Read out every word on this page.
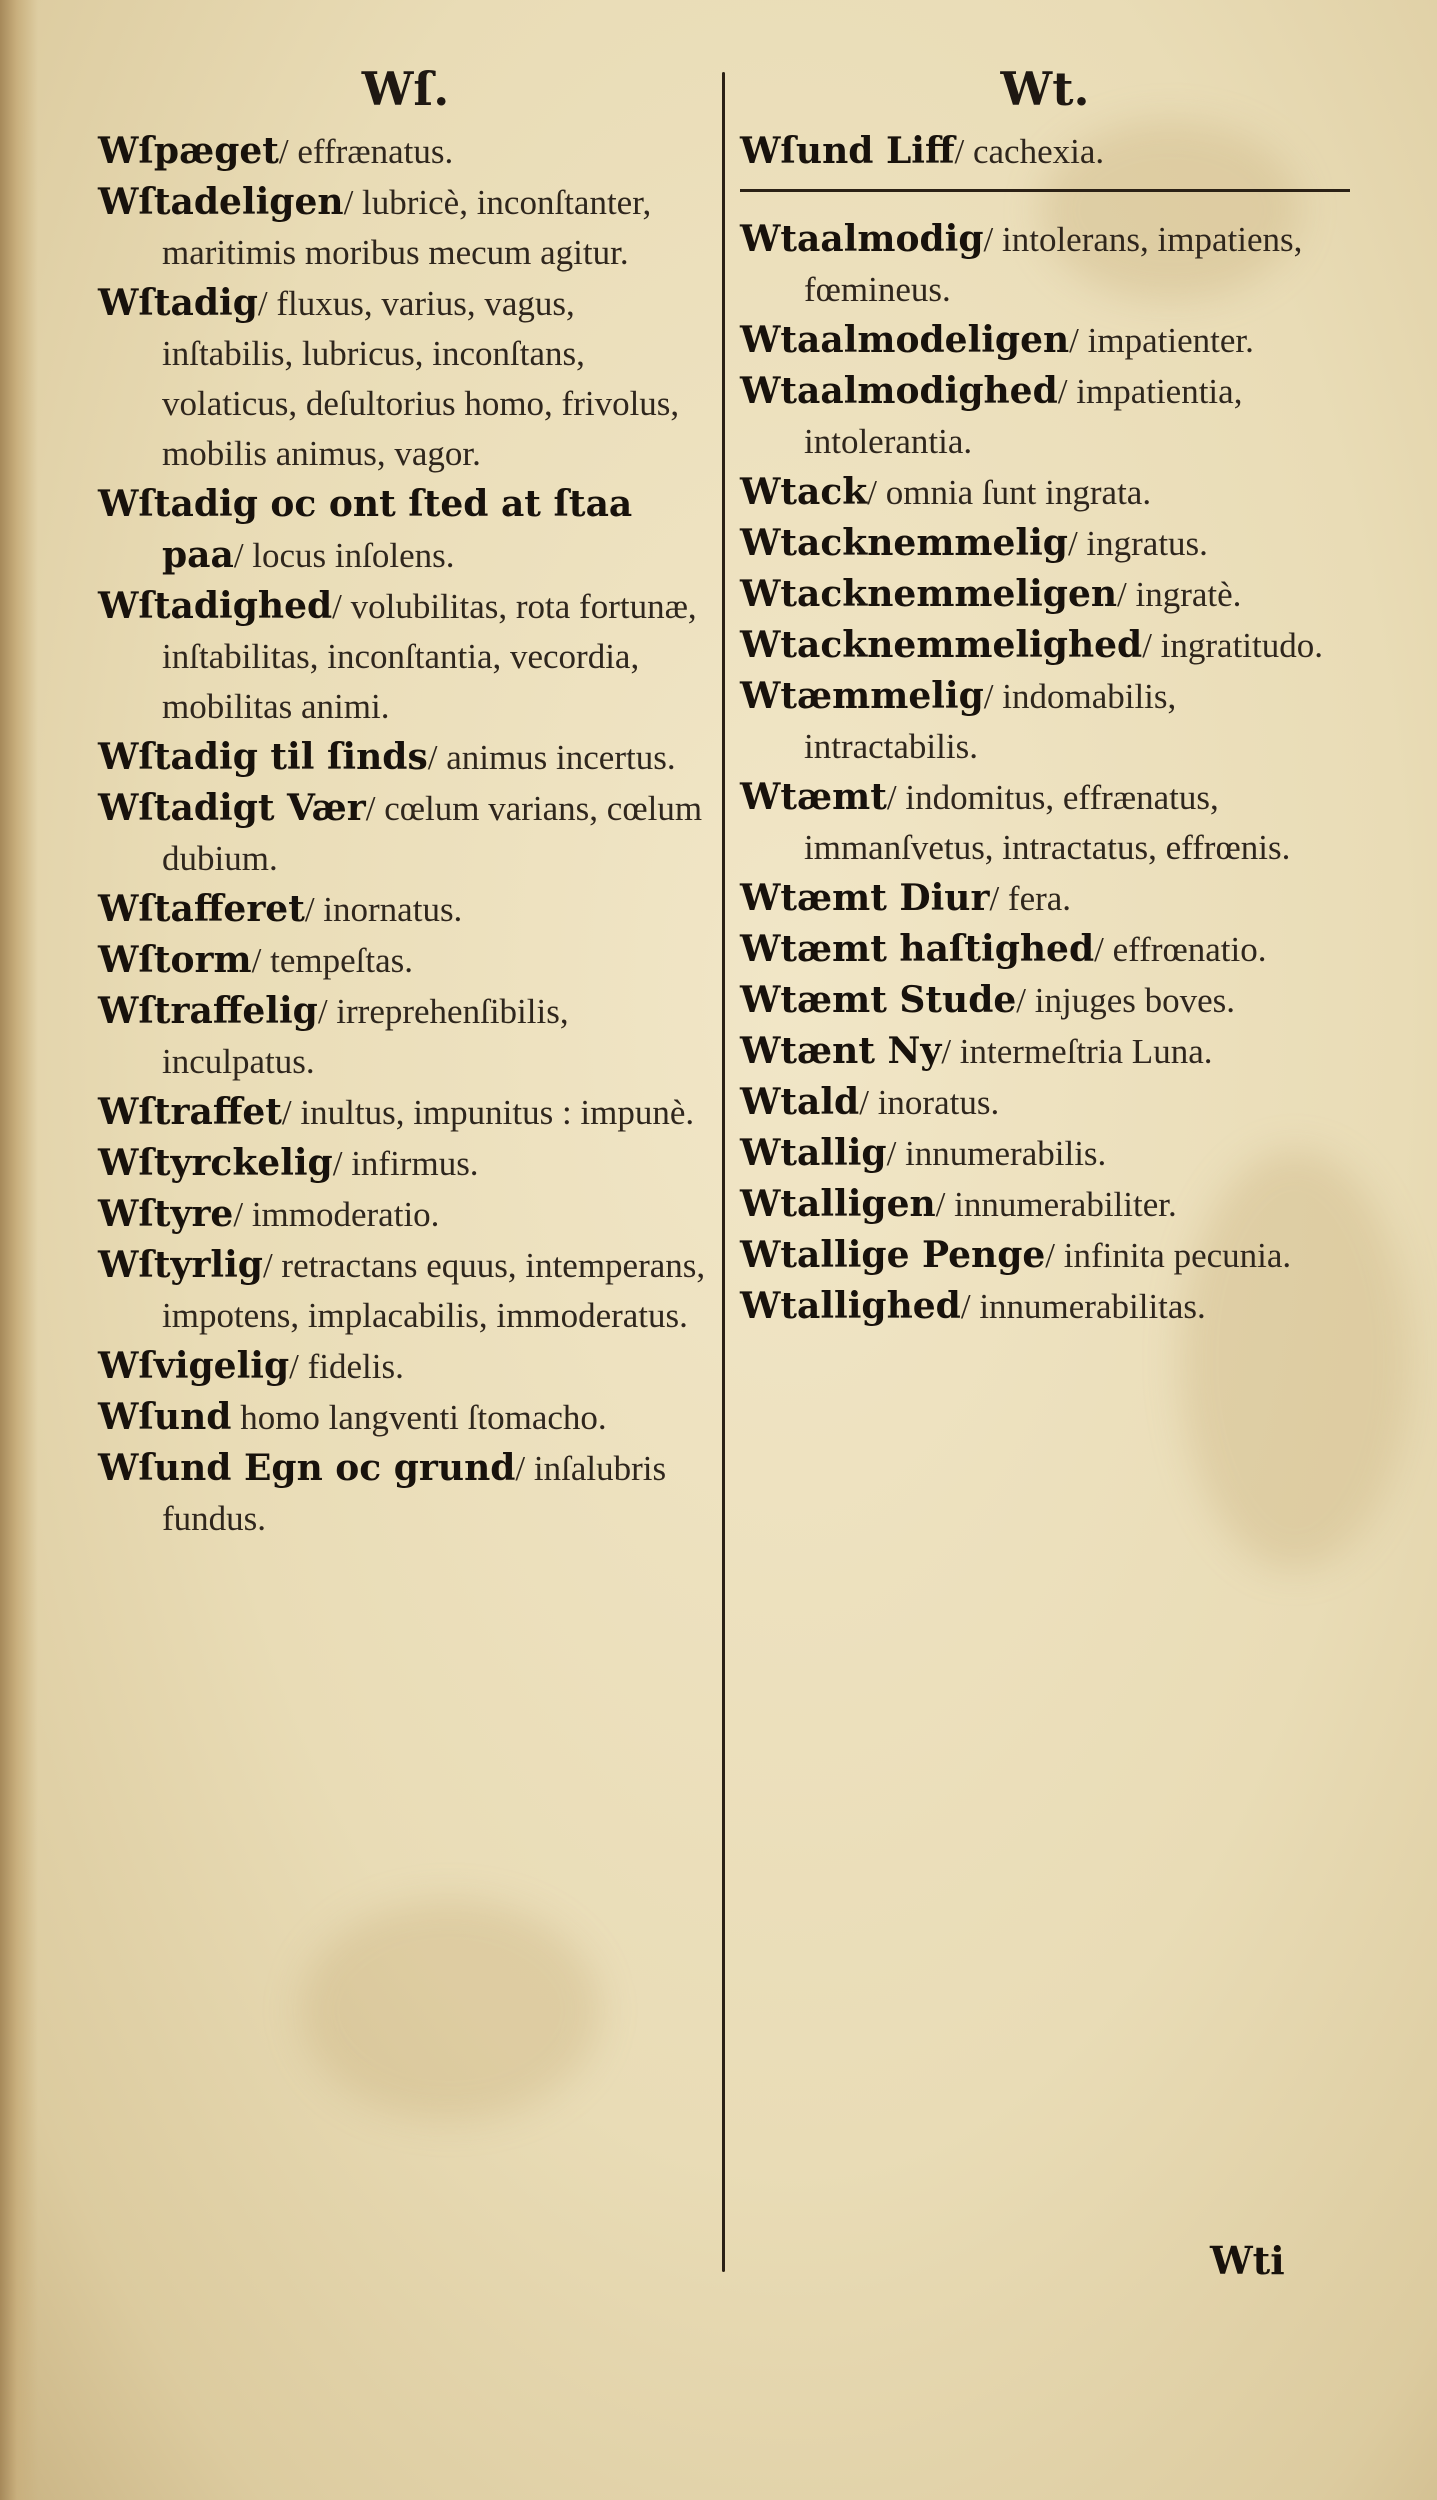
Wſ.
Wſpæget/ effrænatus.
Wſtadeligen/ lubricè, inconſtanter, maritimis moribus mecum agitur.
Wſtadig/ fluxus, varius, vagus, inſtabilis, lubricus, inconſtans, volaticus, deſultorius homo, frivolus, mobilis animus, vagor.
Wſtadig oc ont ſted at ſtaa paa/ locus inſolens.
Wſtadighed/ volubilitas, rota fortunæ, inſtabilitas, inconſtantia, vecordia, mobilitas animi.
Wſtadig til ſinds/ animus incertus.
Wſtadigt Vær/ cœlum varians, cœlum dubium.
Wſtafferet/ inornatus.
Wſtorm/ tempeſtas.
Wſtraffelig/ irreprehenſibilis, inculpatus.
Wſtraffet/ inultus, impunitus : impunè.
Wſtyrckelig/ infirmus.
Wſtyre/ immoderatio.
Wſtyrlig/ retractans equus, intemperans, impotens, implacabilis, immoderatus.
Wſvigelig/ fidelis.
Wſund homo langventi ſtomacho.
Wſund Egn oc grund/ inſalubris fundus.
Wt.
Wſund Liff/ cachexia.
Wtaalmodig/ intolerans, impatiens, fœmineus.
Wtaalmodeligen/ impatienter.
Wtaalmodighed/ impatientia, intolerantia.
Wtack/ omnia ſunt ingrata.
Wtacknemmelig/ ingratus.
Wtacknemmeligen/ ingratè.
Wtacknemmelighed/ ingratitudo.
Wtæmmelig/ indomabilis, intractabilis.
Wtæmt/ indomitus, effrænatus, immanſvetus, intractatus, effrœnis.
Wtæmt Diur/ fera.
Wtæmt haſtighed/ effrœnatio.
Wtæmt Stude/ injuges boves.
Wtænt Ny/ intermeſtria Luna.
Wtald/ inoratus.
Wtallig/ innumerabilis.
Wtalligen/ innumerabiliter.
Wtallige Penge/ infinita pecunia.
Wtallighed/ innumerabilitas.
Wti
